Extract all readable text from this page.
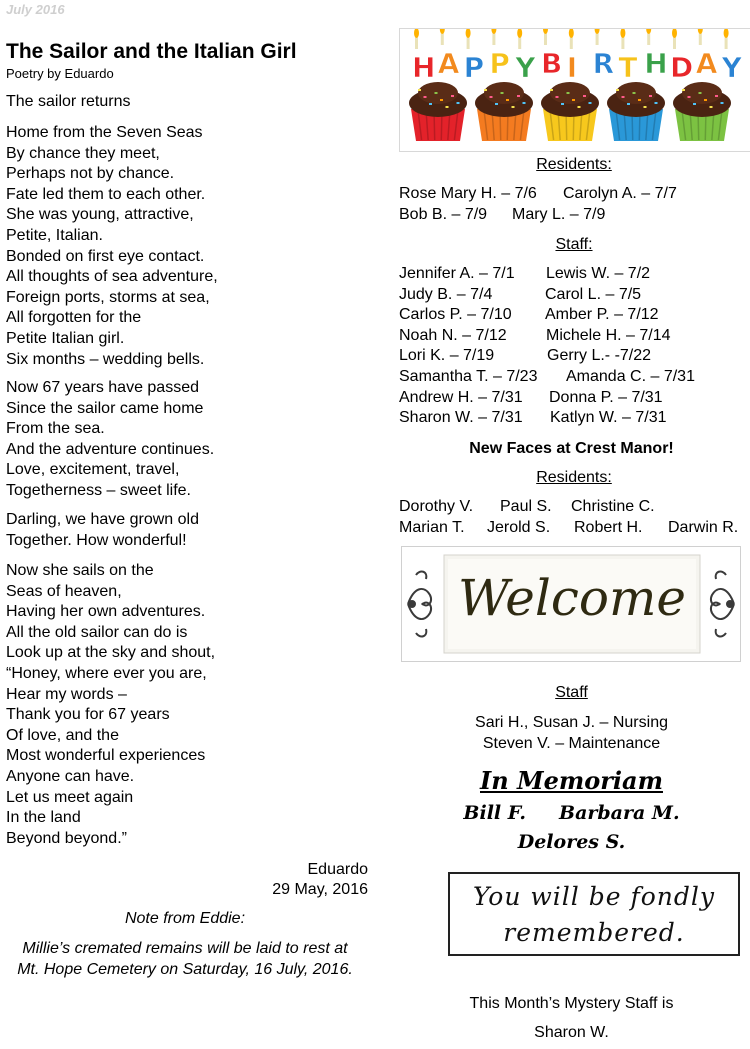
July 2016
The Sailor and the Italian Girl
Poetry by Eduardo
The sailor returns
Home from the Seven Seas
By chance they meet,
Perhaps not by chance.
Fate led them to each other.
She was young, attractive,
Petite, Italian.
Bonded on first eye contact.
All thoughts of sea adventure,
Foreign ports, storms at sea,
All forgotten for the
Petite Italian girl.
Six months – wedding bells.
Now 67 years have passed
Since the sailor came home
From the sea.
And the adventure continues.
Love, excitement, travel,
Togetherness – sweet life.
Darling, we have grown old
Together. How wonderful!
Now she sails on the
Seas of heaven,
Having her own adventures.
All the old sailor can do is
Look up at the sky and shout,
“Honey, where ever you are,
Hear my words –
Thank you for 67 years
Of love, and the
Most wonderful experiences
Anyone can have.
Let us meet again
In the land
Beyond beyond.”
Eduardo
29 May, 2016
Note from Eddie:
Millie’s cremated remains will be laid to rest at
Mt. Hope Cemetery on Saturday, 16 July, 2016.
H A P P Y B I R T H D A Y
Residents:
Rose Mary H. – 7/6 Carolyn A. – 7/7
Bob B. – 7/9 Mary L. – 7/9
Staff:
Jennifer A. – 7/1 Lewis W. – 7/2
Judy B. – 7/4	Carol L. – 7/5
Carlos P. – 7/10 Amber P. – 7/12
Noah N. – 7/12 Michele H. – 7/14
Lori K. – 7/19	Gerry L.- -7/22
Samantha T. – 7/23 Amanda C. – 7/31
Andrew H. – 7/31 Donna P. – 7/31
Sharon W. – 7/31 Katlyn W. – 7/31
New Faces at Crest Manor!
Residents:
Dorothy V. Paul S. Christine C.
Marian T. Jerold S. Robert H. Darwin R.
Welcome
Staff
Sari H., Susan J. – Nursing
Steven V. – Maintenance
In Memoriam
Bill F.     Barbara M.
Delores S.
You will be fondly
remembered.
This Month’s Mystery Staff is
Sharon W.
